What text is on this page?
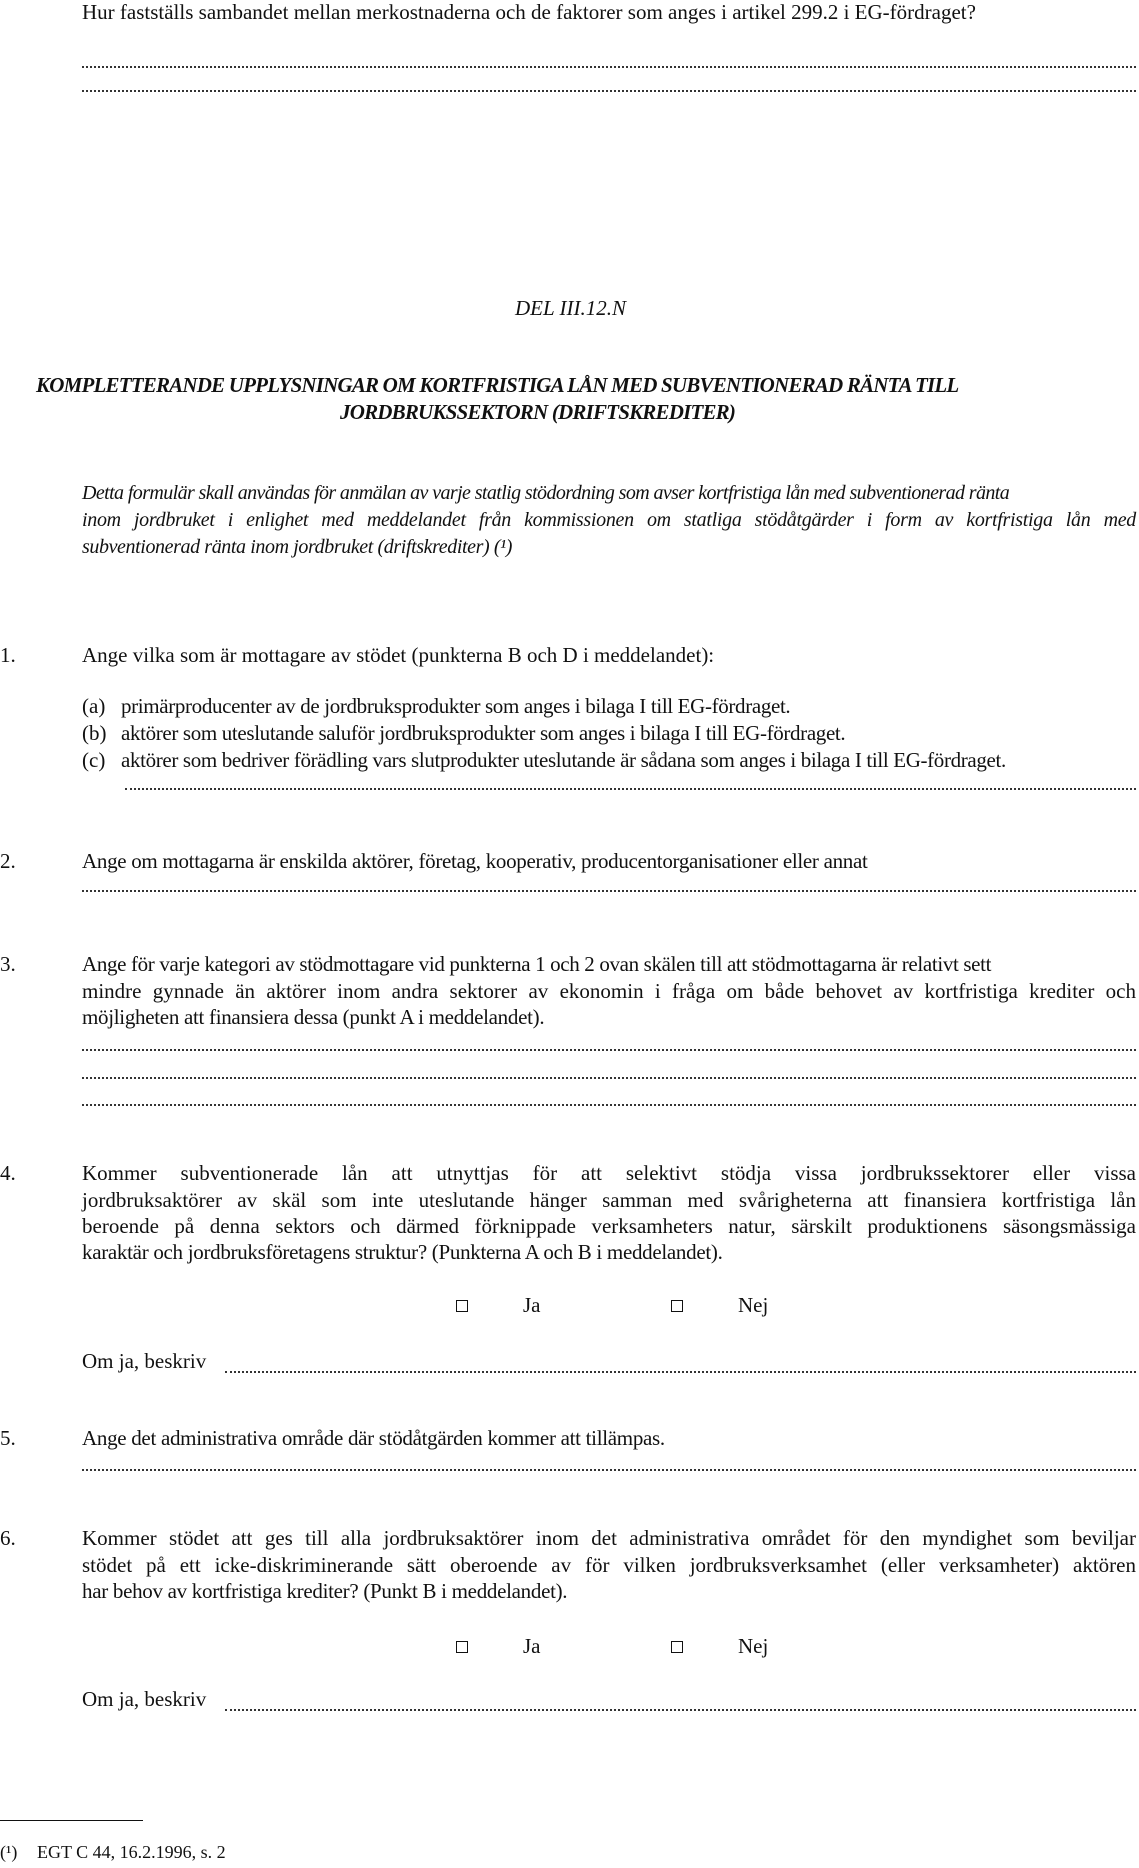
Hur fastställs sambandet mellan merkostnaderna och de faktorer som anges i artikel 299.2 i EG-fördraget?
DEL III.12.N
KOMPLETTERANDE UPPLYSNINGAR OM KORTFRISTIGA LÅN MED SUBVENTIONERAD RÄNTA TILL
JORDBRUKSSEKTORN (DRIFTSKREDITER)
Detta formulär skall användas för anmälan av varje statlig stödordning som avser kortfristiga lån med subventionerad ränta
inom jordbruket i enlighet med meddelandet från kommissionen om statliga stödåtgärder i form av kortfristiga lån med
subventionerad ränta inom jordbruket (driftskrediter) (¹)
1.	Ange vilka som är mottagare av stödet (punkterna B och D i meddelandet):
(a) primärproducenter av de jordbruksprodukter som anges i bilaga I till EG-fördraget.
(b) aktörer som uteslutande saluför jordbruksprodukter som anges i bilaga I till EG-fördraget.
(c) aktörer som bedriver förädling vars slutprodukter uteslutande är sådana som anges i bilaga I till EG-fördraget.
2.	Ange om mottagarna är enskilda aktörer, företag, kooperativ, producentorganisationer eller annat
3.	Ange för varje kategori av stödmottagare vid punkterna 1 och 2 ovan skälen till att stödmottagarna är relativt sett
mindre gynnade än aktörer inom andra sektorer av ekonomin i fråga om både behovet av kortfristiga krediter och
möjligheten att finansiera dessa (punkt A i meddelandet).
4.	Kommer subventionerade lån att utnyttjas för att selektivt stödja vissa jordbrukssektorer eller vissa
jordbruksaktörer av skäl som inte uteslutande hänger samman med svårigheterna att finansiera kortfristiga lån
beroende på denna sektors och därmed förknippade verksamheters natur, särskilt produktionens säsongsmässiga
karaktär och jordbruksföretagens struktur? (Punkterna A och B i meddelandet).
Ja	Nej
Om ja, beskriv
5.	Ange det administrativa område där stödåtgärden kommer att tillämpas.
6.	Kommer stödet att ges till alla jordbruksaktörer inom det administrativa området för den myndighet som beviljar
stödet på ett icke-diskriminerande sätt oberoende av för vilken jordbruksverksamhet (eller verksamheter) aktören
har behov av kortfristiga krediter? (Punkt B i meddelandet).
Ja	Nej
Om ja, beskriv
(¹) EGT C 44, 16.2.1996, s. 2
